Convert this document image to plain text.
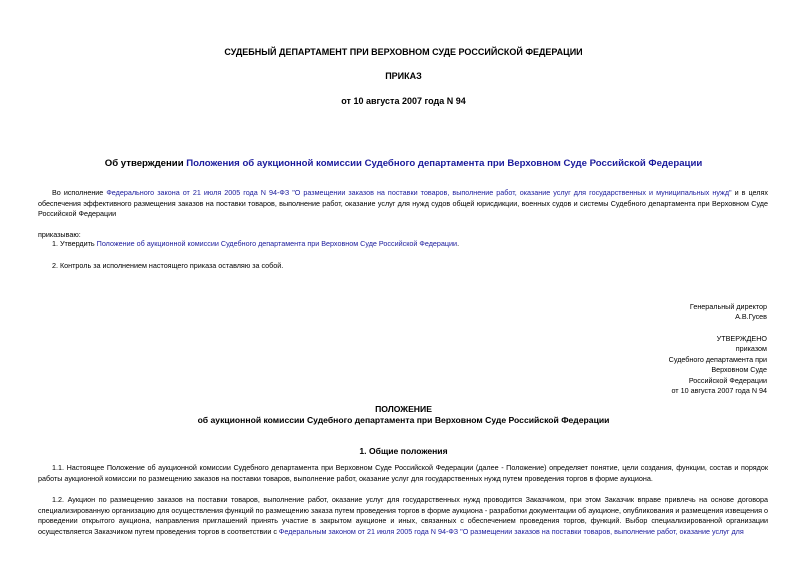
СУДЕБНЫЙ ДЕПАРТАМЕНТ ПРИ ВЕРХОВНОМ СУДЕ РОССИЙСКОЙ ФЕДЕРАЦИИ
ПРИКАЗ
от 10 августа 2007 года N 94
Об утверждении Положения об аукционной комиссии Судебного департамента при Верховном Суде Российской Федерации
Во исполнение Федерального закона от 21 июля 2005 года N 94-ФЗ "О размещении заказов на поставки товаров, выполнение работ, оказание услуг для государственных и муниципальных нужд" и в целях обеспечения эффективного размещения заказов на поставки товаров, выполнение работ, оказание услуг для нужд судов общей юрисдикции, военных судов и системы Судебного департамента при Верховном Суде Российской Федерации
приказываю:
1. Утвердить Положение об аукционной комиссии Судебного департамента при Верховном Суде Российской Федерации.
2. Контроль за исполнением настоящего приказа оставляю за собой.
Генеральный директор
А.В.Гусев
УТВЕРЖДЕНО
приказом
Судебного департамента при
Верховном Суде
Российской Федерации
от 10 августа 2007 года N 94
ПОЛОЖЕНИЕ
об аукционной комиссии Судебного департамента при Верховном Суде Российской Федерации
1. Общие положения
1.1. Настоящее Положение об аукционной комиссии Судебного департамента при Верховном Суде Российской Федерации (далее - Положение) определяет понятие, цели создания, функции, состав и порядок работы аукционной комиссии по размещению заказов на поставки товаров, выполнение работ, оказание услуг для государственных нужд путем проведения торгов в форме аукциона.
1.2. Аукцион по размещению заказов на поставки товаров, выполнение работ, оказание услуг для государственных нужд проводится Заказчиком, при этом Заказчик вправе привлечь на основе договора специализированную организацию для осуществления функций по размещению заказа путем проведения торгов в форме аукциона - разработки документации об аукционе, опубликования и размещения извещения о проведении открытого аукциона, направления приглашений принять участие в закрытом аукционе и иных, связанных с обеспечением проведения торгов, функций. Выбор специализированной организации осуществляется Заказчиком путем проведения торгов в соответствии с Федеральным законом от 21 июля 2005 года N 94-ФЗ "О размещении заказов на поставки товаров, выполнение работ, оказание услуг для
